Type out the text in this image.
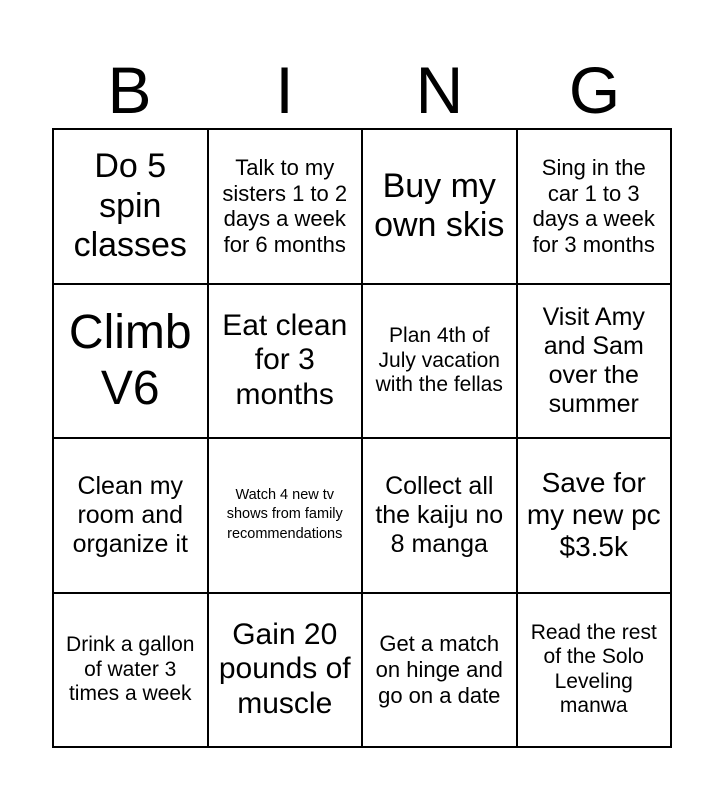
B	I	N	G
Do 5 spin classes
Talk to my sisters 1 to 2 days a week for 6 months
Buy my own skis
Sing in the car 1 to 3 days a week for 3 months
Climb V6
Eat clean for 3 months
Plan 4th of July vacation with the fellas
Visit Amy and Sam over the summer
Clean my room and organize it
Watch 4 new tv shows from family recommendations
Collect all the kaiju no 8 manga
Save for my new pc $3.5k
Drink a gallon of water 3 times a week
Gain 20 pounds of muscle
Get a match on hinge and go on a date
Read the rest of the Solo Leveling manwa
